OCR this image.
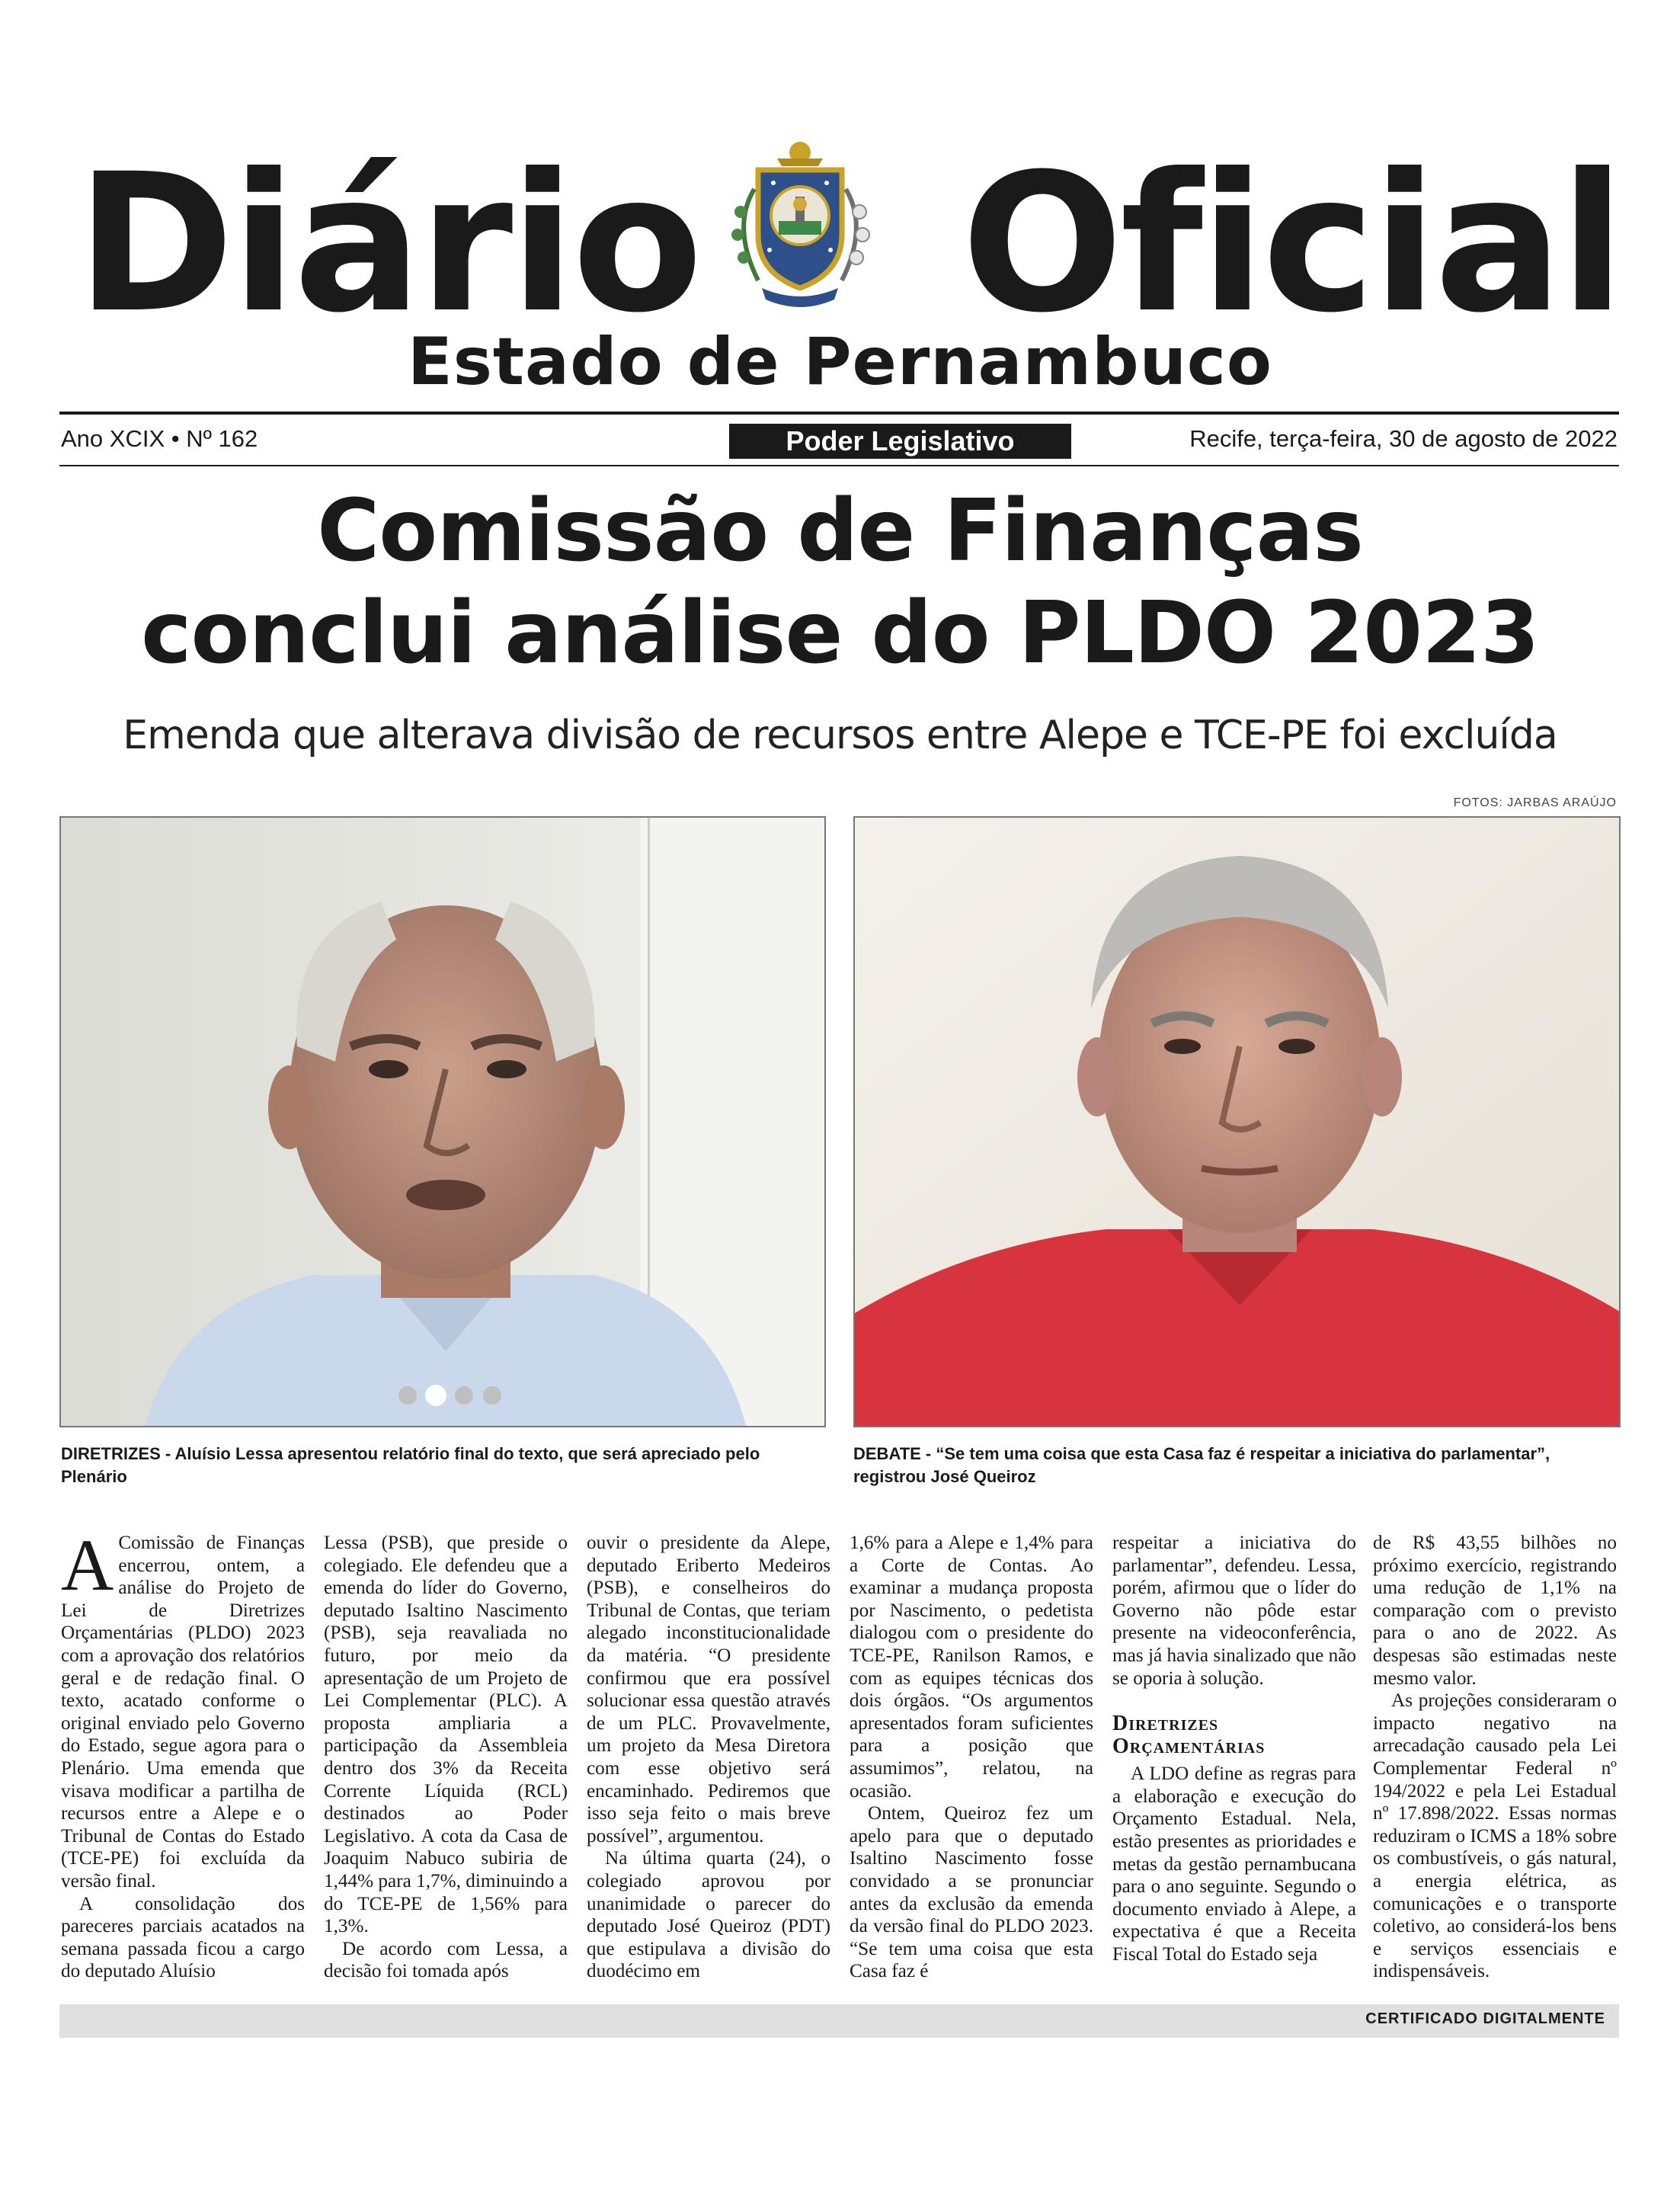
Diário Oficial
Estado de Pernambuco
Ano XCIX • Nº 162	Poder Legislativo	Recife, terça-feira, 30 de agosto de 2022
Comissão de Finanças
conclui análise do PLDO 2023
Emenda que alterava divisão de recursos entre Alepe e TCE-PE foi excluída
FOTOS: JARBAS ARAÚJO
DIRETRIZES - Aluísio Lessa apresentou relatório final do texto, que será apreciado pelo Plenário
DEBATE - “Se tem uma coisa que esta Casa faz é respeitar a iniciativa do parlamentar”, registrou José Queiroz

A Comissão de Finanças encerrou, ontem, a análise do Projeto de Lei de Diretrizes Orçamentárias (PLDO) 2023 com a aprovação dos relatórios geral e de redação final. O texto, acatado conforme o original enviado pelo Governo do Estado, segue agora para o Plenário. Uma emenda que visava modificar a partilha de recursos entre a Alepe e o Tribunal de Contas do Estado (TCE-PE) foi excluída da versão final.

A consolidação dos pareceres parciais acatados na semana passada ficou a cargo do deputado Aluísio

Lessa (PSB), que preside o colegiado. Ele defendeu que a emenda do líder do Governo, deputado Isaltino Nascimento (PSB), seja reavaliada no futuro, por meio da apresentação de um Projeto de Lei Complementar (PLC). A proposta ampliaria a participação da Assembleia dentro dos 3% da Receita Corrente Líquida (RCL) destinados ao Poder Legislativo. A cota da Casa de Joaquim Nabuco subiria de 1,44% para 1,7%, diminuindo a do TCE-PE de 1,56% para 1,3%.

De acordo com Lessa, a decisão foi tomada após

ouvir o presidente da Alepe, deputado Eriberto Medeiros (PSB), e conselheiros do Tribunal de Contas, que teriam alegado inconstitucionalidade da matéria. “O presidente confirmou que era possível solucionar essa questão através de um PLC. Provavelmente, um projeto da Mesa Diretora com esse objetivo será encaminhado. Pediremos que isso seja feito o mais breve possível”, argumentou.

Na última quarta (24), o colegiado aprovou por unanimidade o parecer do deputado José Queiroz (PDT) que estipulava a divisão do duodécimo em

1,6% para a Alepe e 1,4% para a Corte de Contas. Ao examinar a mudança proposta por Nascimento, o pedetista dialogou com o presidente do TCE-PE, Ranilson Ramos, e com as equipes técnicas dos dois órgãos. “Os argumentos apresentados foram suficientes para a posição que assumimos”, relatou, na ocasião.

Ontem, Queiroz fez um apelo para que o deputado Isaltino Nascimento fosse convidado a se pronunciar antes da exclusão da emenda da versão final do PLDO 2023. “Se tem uma coisa que esta Casa faz é

respeitar a iniciativa do parlamentar”, defendeu. Lessa, porém, afirmou que o líder do Governo não pôde estar presente na videoconferência, mas já havia sinalizado que não se oporia à solução.

Diretrizes
Orçamentárias

A LDO define as regras para a elaboração e execução do Orçamento Estadual. Nela, estão presentes as prioridades e metas da gestão pernambucana para o ano seguinte. Segundo o documento enviado à Alepe, a expectativa é que a Receita Fiscal Total do Estado seja

de R$ 43,55 bilhões no próximo exercício, registrando uma redução de 1,1% na comparação com o previsto para o ano de 2022. As despesas são estimadas neste mesmo valor.

As projeções consideraram o impacto negativo na arrecadação causado pela Lei Complementar Federal nº 194/2022 e pela Lei Estadual nº 17.898/2022. Essas normas reduziram o ICMS a 18% sobre os combustíveis, o gás natural, a energia elétrica, as comunicações e o transporte coletivo, ao considerá-los bens e serviços essenciais e indispensáveis.

CERTIFICADO DIGITALMENTE
